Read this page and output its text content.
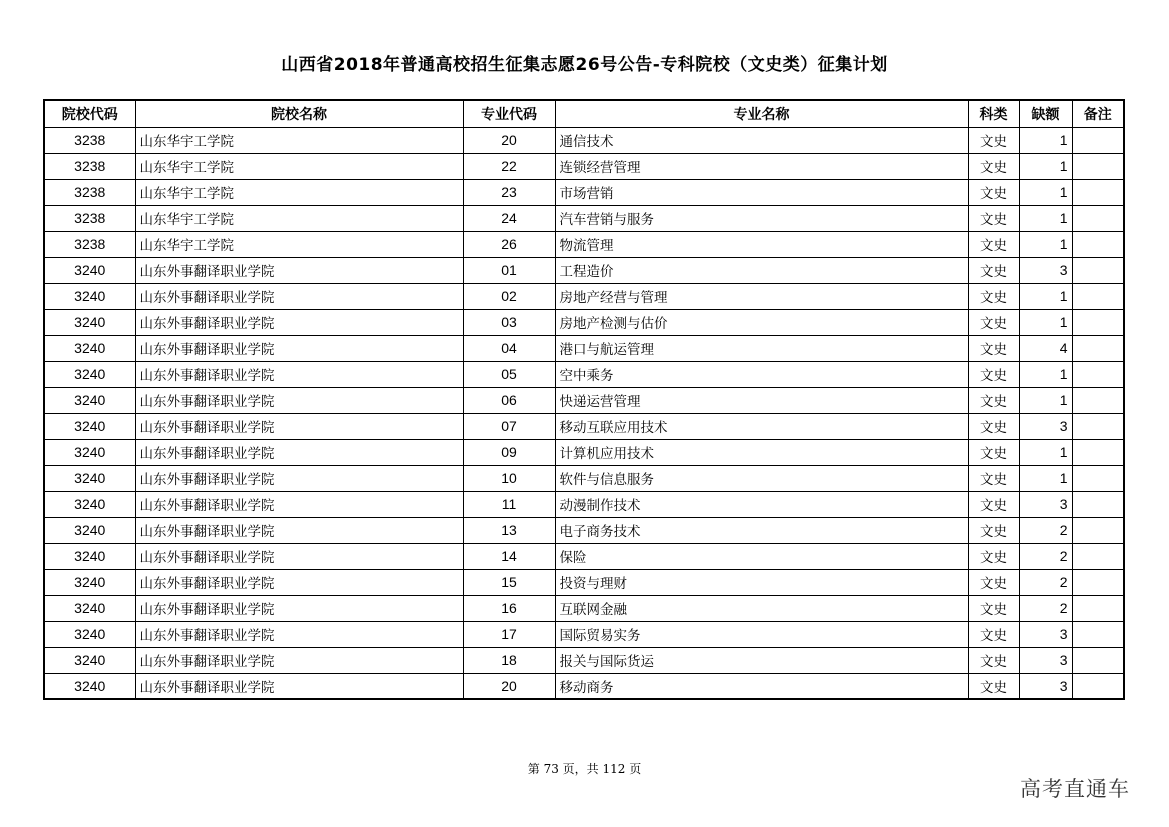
山西省2018年普通高校招生征集志愿26号公告-专科院校（文史类）征集计划
院校代码	院校名称	专业代码	专业名称	科类	缺额	备注
3238	山东华宇工学院	20	通信技术	文史	1	
3238	山东华宇工学院	22	连锁经营管理	文史	1	
3238	山东华宇工学院	23	市场营销	文史	1	
3238	山东华宇工学院	24	汽车营销与服务	文史	1	
3238	山东华宇工学院	26	物流管理	文史	1	
3240	山东外事翻译职业学院	01	工程造价	文史	3	
3240	山东外事翻译职业学院	02	房地产经营与管理	文史	1	
3240	山东外事翻译职业学院	03	房地产检测与估价	文史	1	
3240	山东外事翻译职业学院	04	港口与航运管理	文史	4	
3240	山东外事翻译职业学院	05	空中乘务	文史	1	
3240	山东外事翻译职业学院	06	快递运营管理	文史	1	
3240	山东外事翻译职业学院	07	移动互联应用技术	文史	3	
3240	山东外事翻译职业学院	09	计算机应用技术	文史	1	
3240	山东外事翻译职业学院	10	软件与信息服务	文史	1	
3240	山东外事翻译职业学院	11	动漫制作技术	文史	3	
3240	山东外事翻译职业学院	13	电子商务技术	文史	2	
3240	山东外事翻译职业学院	14	保险	文史	2	
3240	山东外事翻译职业学院	15	投资与理财	文史	2	
3240	山东外事翻译职业学院	16	互联网金融	文史	2	
3240	山东外事翻译职业学院	17	国际贸易实务	文史	3	
3240	山东外事翻译职业学院	18	报关与国际货运	文史	3	
3240	山东外事翻译职业学院	20	移动商务	文史	3	
第 73 页，共 112 页
高考直通车
